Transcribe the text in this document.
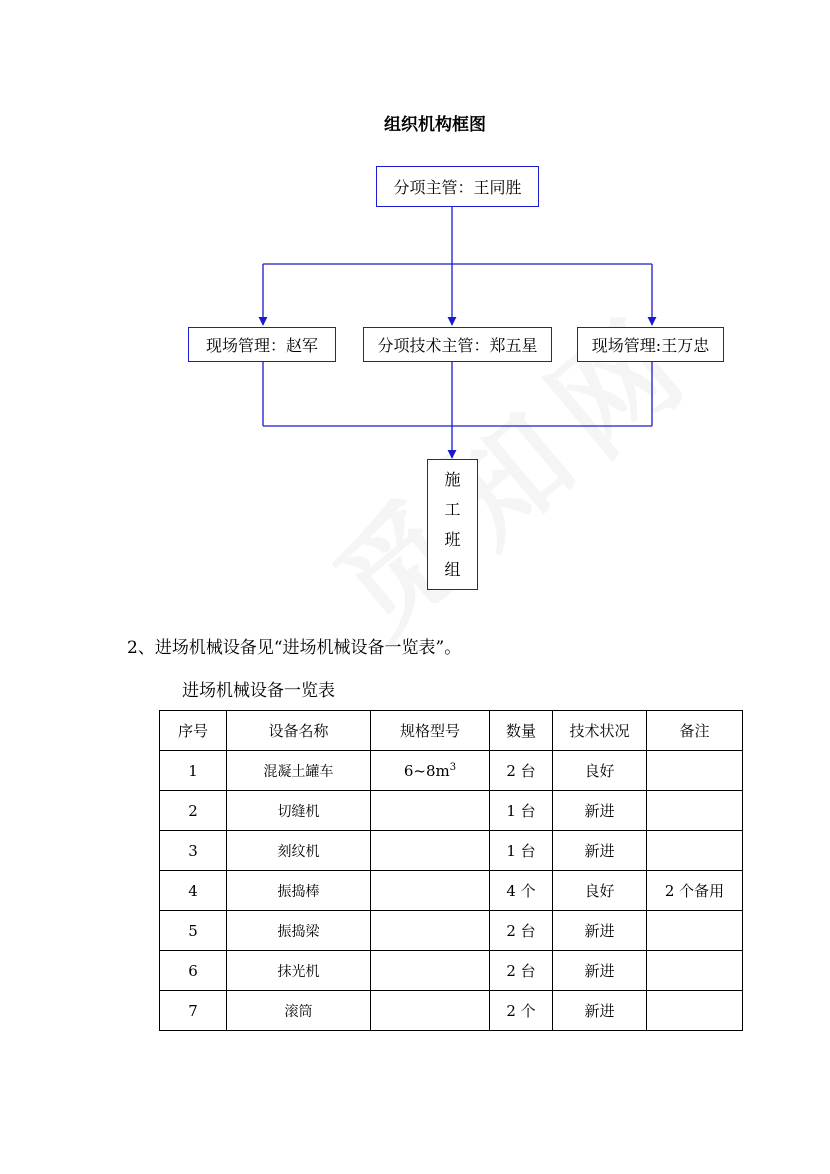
组织机构框图
分项主管：王同胜
现场管理：赵军	分项技术主管：郑五星	现场管理:王万忠
施
工
班
组
2、进场机械设备见“进场机械设备一览表”。
进场机械设备一览表
序号	设备名称	规格型号	数量	技术状况	备注
1	混凝土罐车	$6\sim 8m^3$	2 台	良好	
2	切缝机		1 台	新进	
3	刻纹机		1 台	新进	
4	振捣棒		4 个	良好	2 个备用
5	振捣梁		2 台	新进	
6	抹光机		2 台	新进	
7	滚筒		2 个	新进	
